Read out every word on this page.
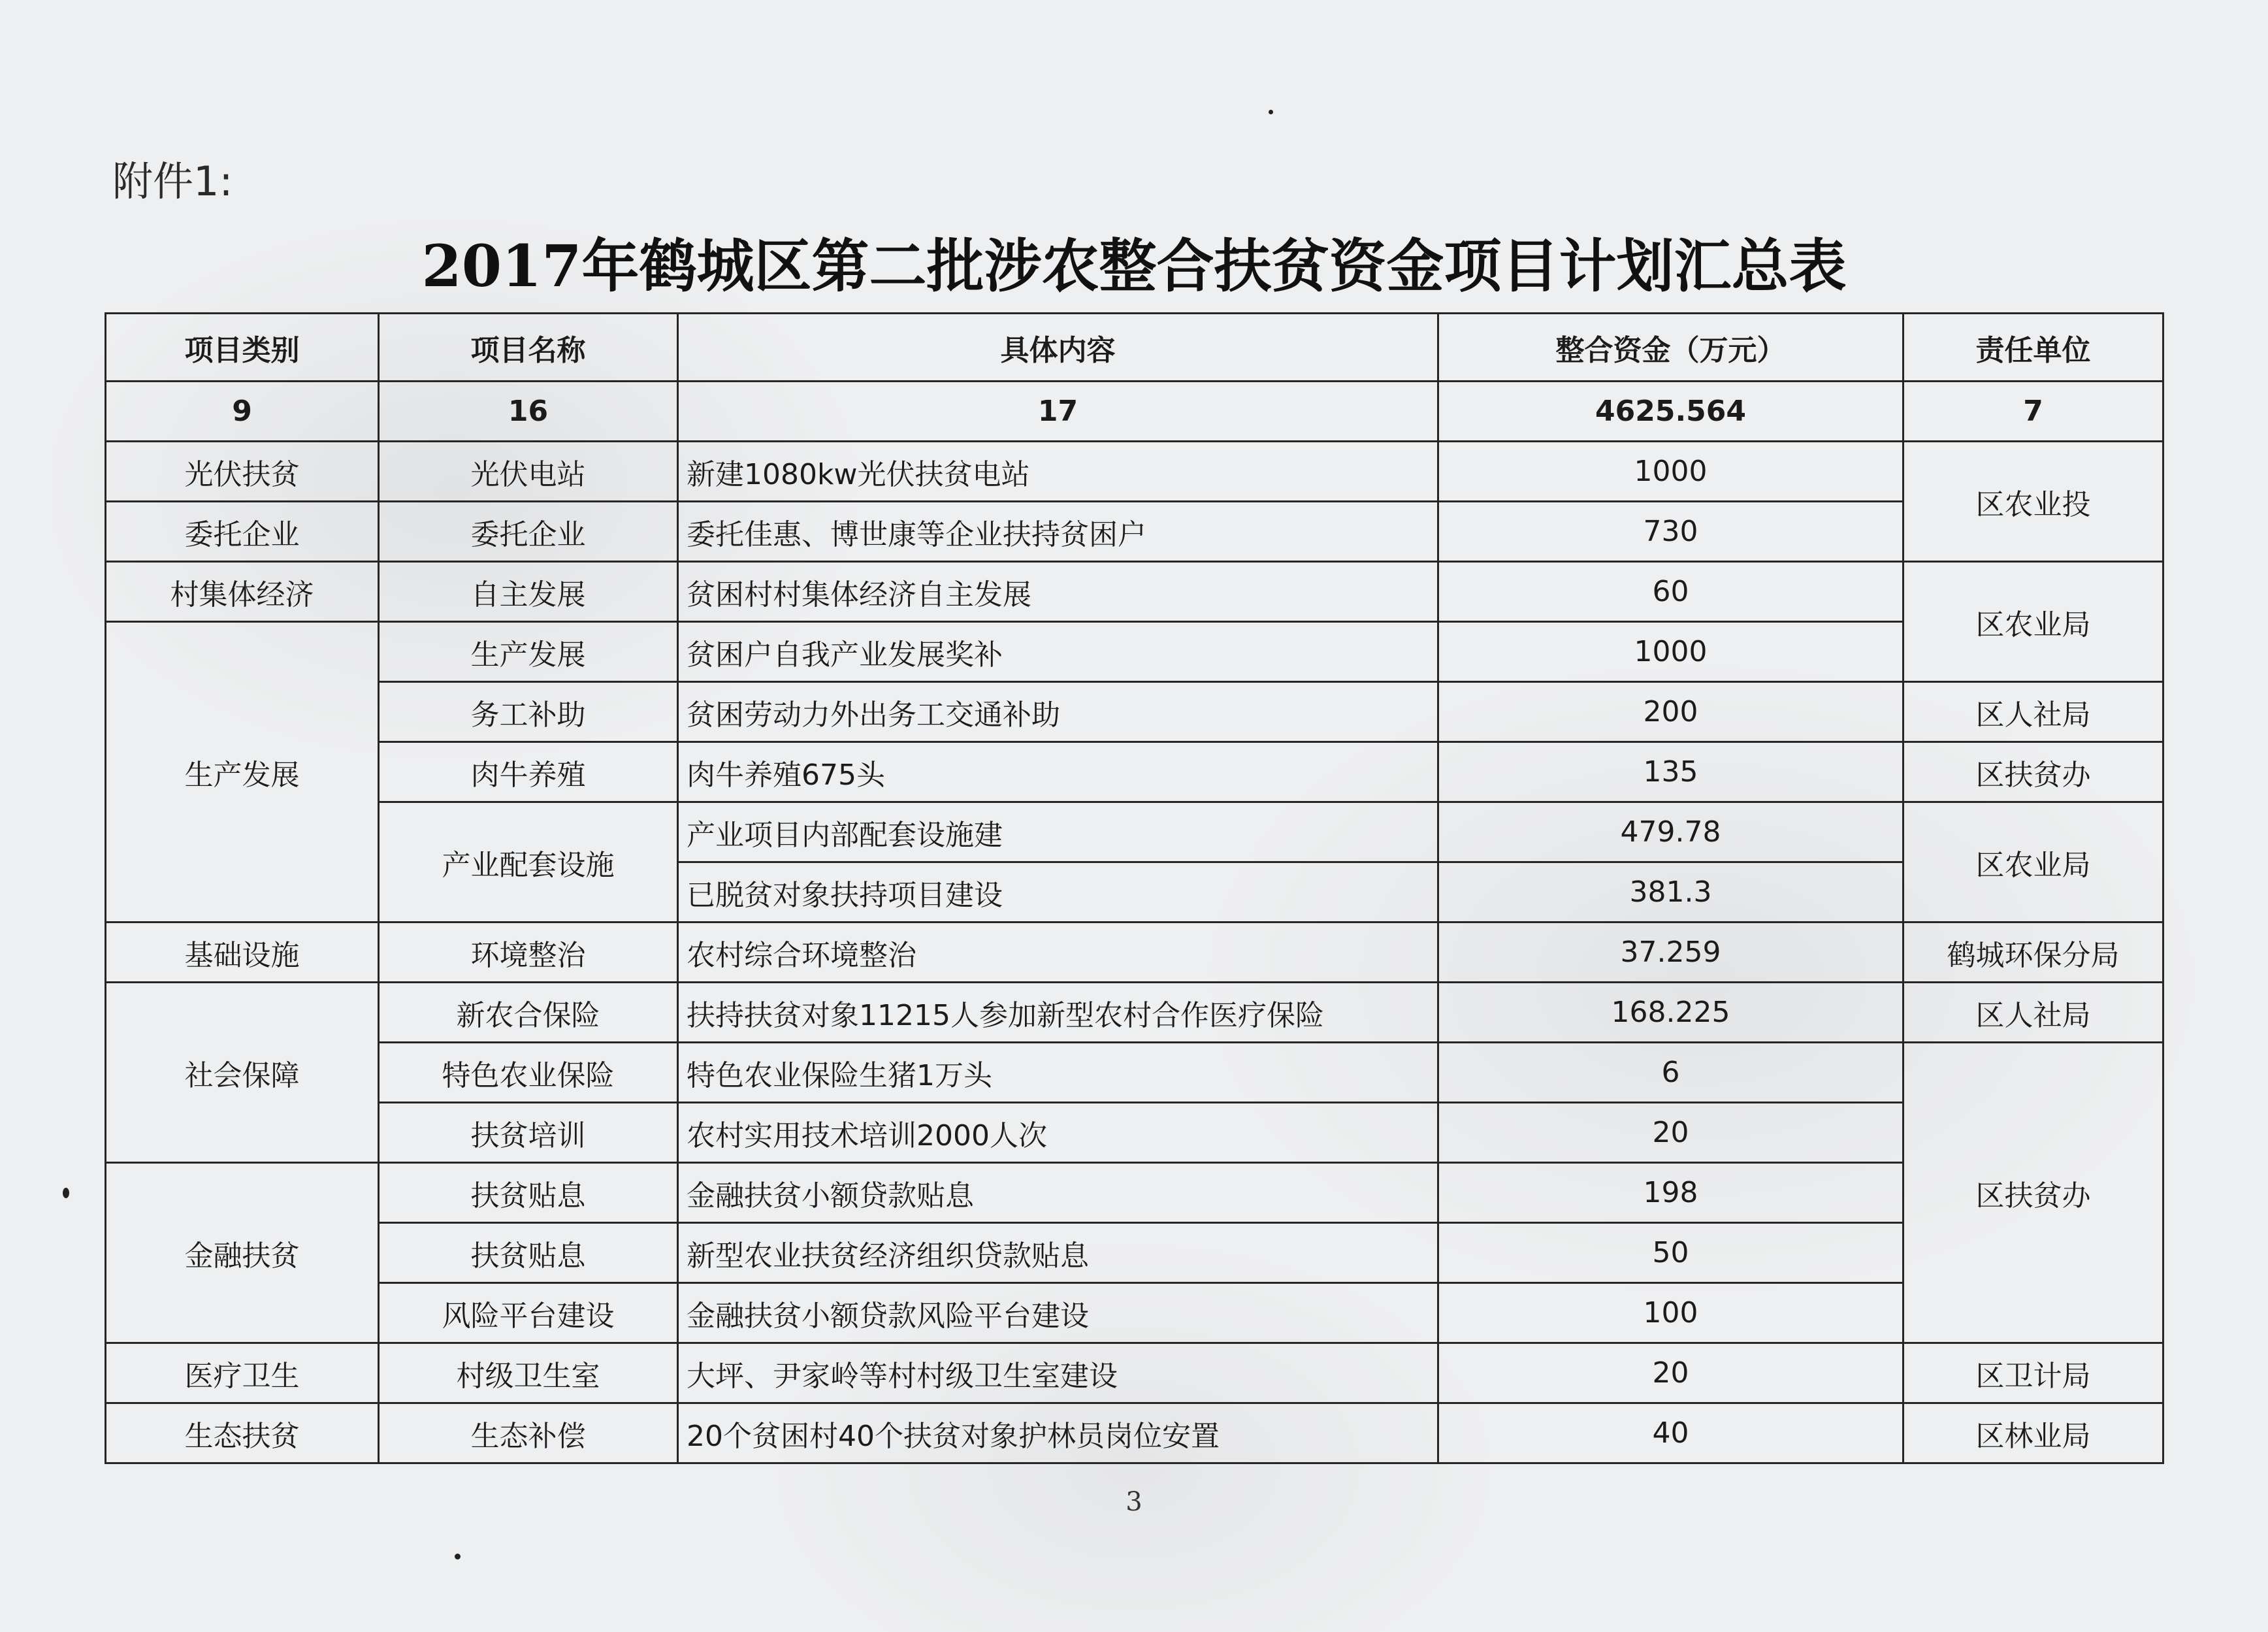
附件1:
2017年鹤城区第二批涉农整合扶贫资金项目计划汇总表
项目类别	项目名称	具体内容	整合资金（万元）	责任单位
9	16	17	4625.564	7
光伏扶贫	光伏电站	新建1080kw光伏扶贫电站	1000	区农业投
委托企业	委托企业	委托佳惠、博世康等企业扶持贫困户	730	
村集体经济	自主发展	贫困村村集体经济自主发展	60	区农业局
生产发展	生产发展	贫困户自我产业发展奖补	1000	
	务工补助	贫困劳动力外出务工交通补助	200	区人社局
	肉牛养殖	肉牛养殖675头	135	区扶贫办
	产业配套设施	产业项目内部配套设施建	479.78	区农业局
		已脱贫对象扶持项目建设	381.3	
基础设施	环境整治	农村综合环境整治	37.259	鹤城环保分局
社会保障	新农合保险	扶持扶贫对象11215人参加新型农村合作医疗保险	168.225	区人社局
	特色农业保险	特色农业保险生猪1万头	6	区扶贫办
	扶贫培训	农村实用技术培训2000人次	20	
金融扶贫	扶贫贴息	金融扶贫小额贷款贴息	198	
	扶贫贴息	新型农业扶贫经济组织贷款贴息	50	
	风险平台建设	金融扶贫小额贷款风险平台建设	100	
医疗卫生	村级卫生室	大坪、尹家岭等村村级卫生室建设	20	区卫计局
生态扶贫	生态补偿	20个贫困村40个扶贫对象护林员岗位安置	40	区林业局
3
